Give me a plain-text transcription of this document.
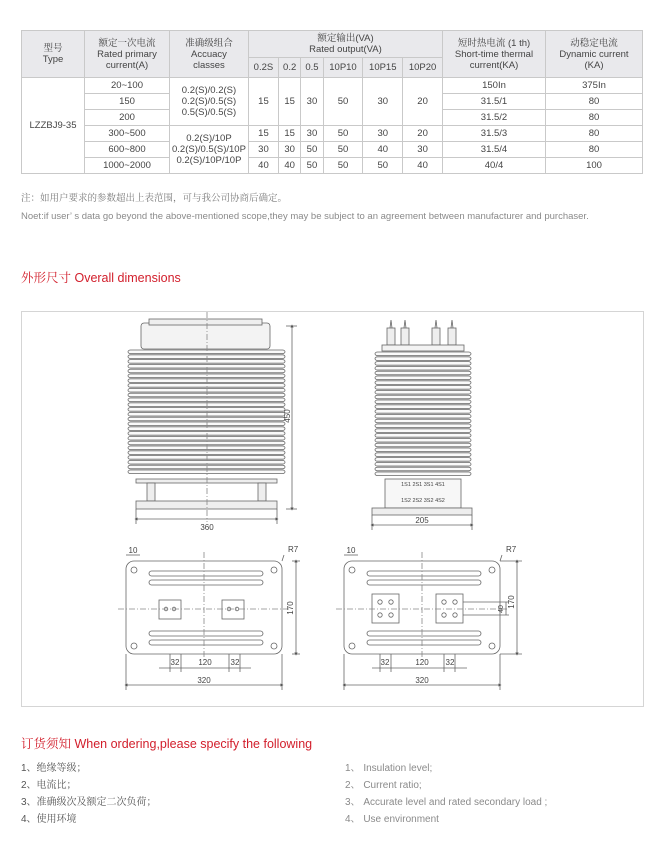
型号
Type	额定一次电流
Rated primary
current(A)	准确级组合
Accuacy
classes	额定输出(VA)
Rated output(VA)						短时热电流 (1 th)
Short-time thermal
current(KA)	动稳定电流
Dynamic current
(KA)
			0.2S	0.2	0.5	10P10	10P15	10P20		
LZZBJ9-35	20~100	0.2(S)/0.2(S)
0.2(S)/0.5(S)
0.5(S)/0.5(S)	15	15	30	50	30	20	150In	375In
	150								31.5/1	80
	200								31.5/2	80
	300~500	0.2(S)/10P
0.2(S)/0.5(S)/10P
0.2(S)/10P/10P	15	15	30	50	30	20	31.5/3	80
	600~800		30	30	50	50	40	30	31.5/4	80
	1000~2000		40	40	50	50	50	40	40/4	100
注：如用户要求的参数超出上表范围，可与我公司协商后确定。
Noet:if user’ s data go beyond the above-mentioned scope,they may be subject to an agreement between manufacturer and purchaser.
外形尺寸 Overall dimensions
450
360
205
1S1 2S1 3S1 4S1
1S2 2S2 3S2 4S2
10	R7
170
32 120 32
320
10	R7
170
40
32	120 32
320
订货须知 When ordering,please specify the following
1、绝缘等级；
2、电流比；
3、准确级次及额定二次负荷；
4、使用环境
1、 Insulation level;
2、 Current ratio;
3、 Accurate level and rated secondary load ;
4、 Use environment
